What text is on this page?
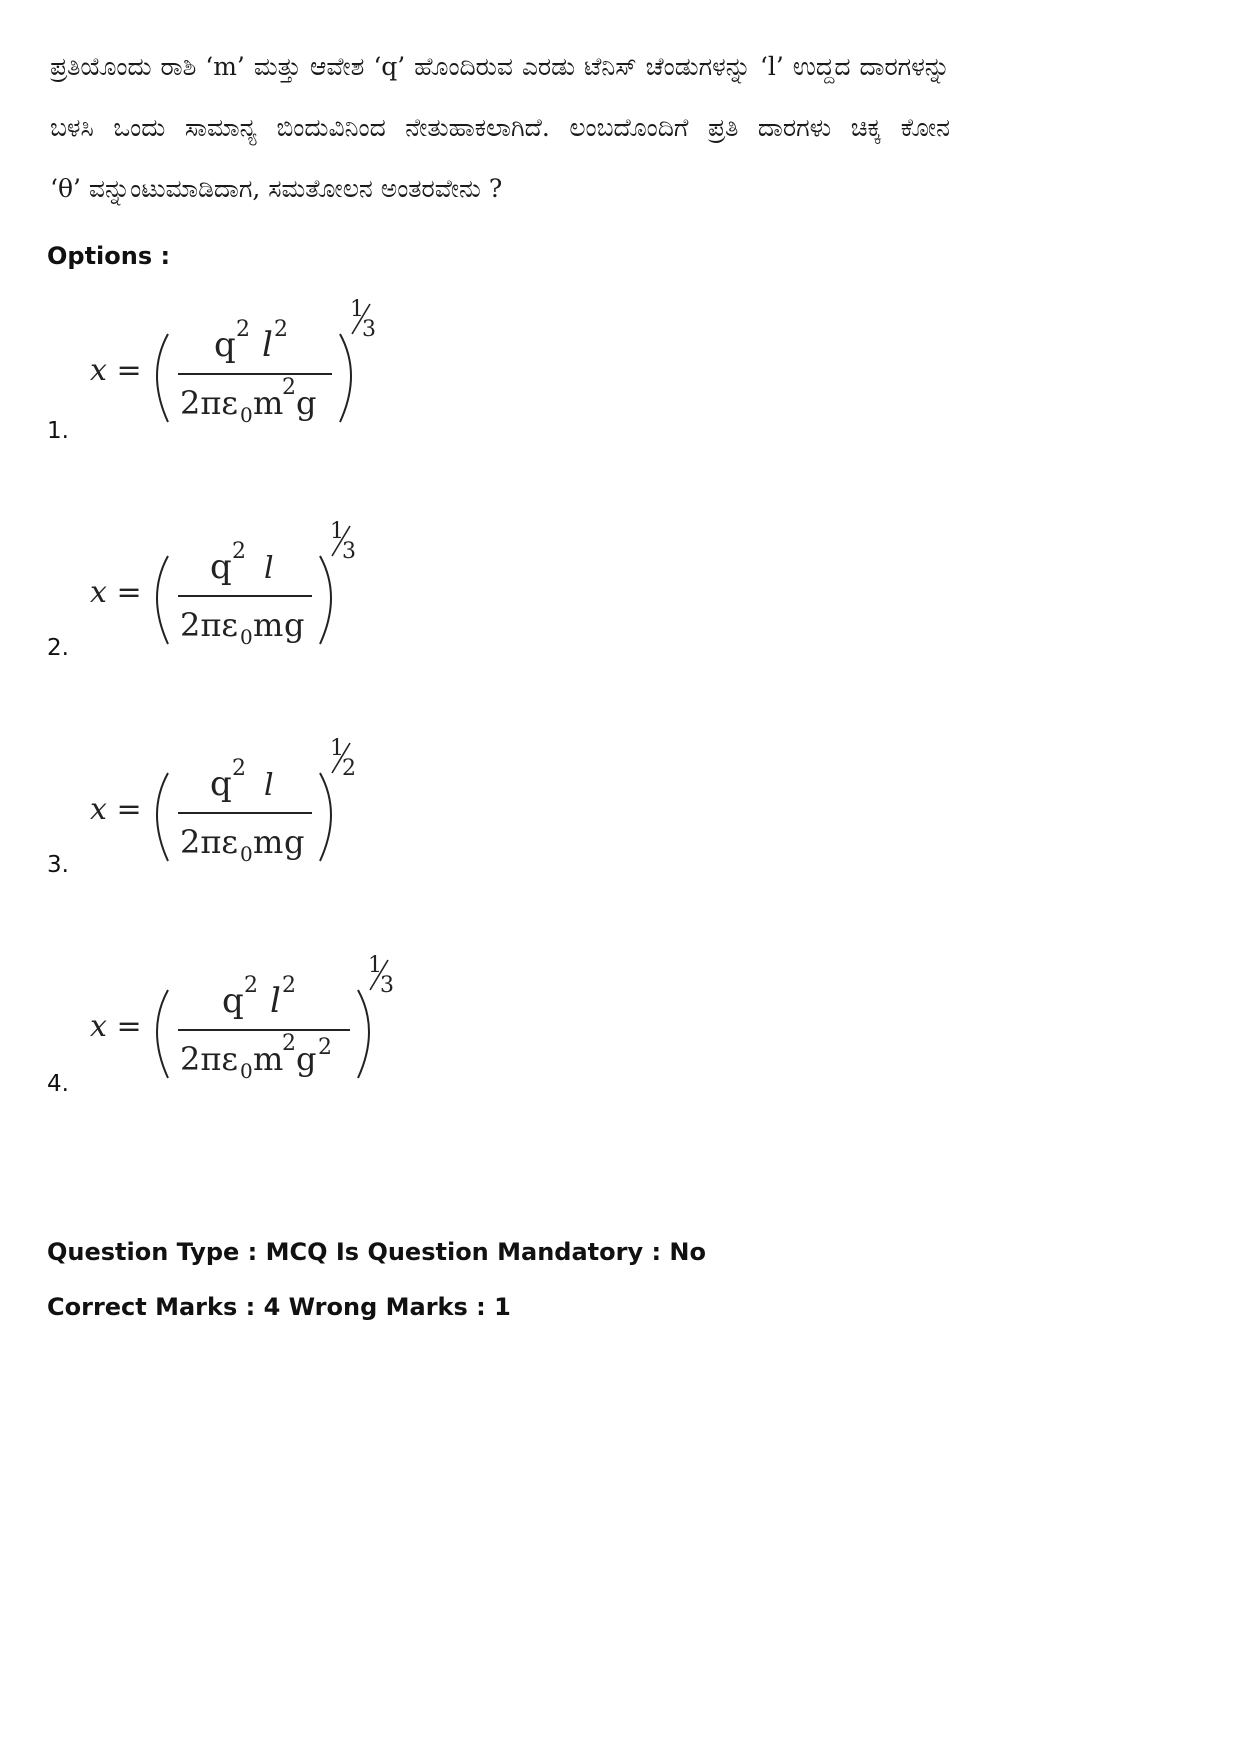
ಪ್ರತಿಯೊಂದು ರಾಶಿ ‘m’ ಮತ್ತು ಆವೇಶ ‘q’ ಹೊಂದಿರುವ ಎರಡು ಟೆನಿಸ್ ಚೆಂಡುಗಳನ್ನು ‘l’ ಉದ್ದದ ದಾರಗಳನ್ನು
ಬಳಸಿ ಒಂದು ಸಾಮಾನ್ಯ ಬಿಂದುವಿನಿಂದ ನೇತುಹಾಕಲಾಗಿದೆ. ಲಂಬದೊಂದಿಗೆ ಪ್ರತಿ ದಾರಗಳು ಚಿಕ್ಕ ಕೋನ
‘θ’ ವನ್ನುಂಟುಮಾಡಿದಾಗ, ಸಮತೋಲನ ಅಂತರವೇನು ?
Options :
1.
x =
q 2 l 2
2πε 0 m
2 g
1
3
2.
x =
q 2 l
2πε 0 m g
1
3
3.
x =
q 2 l
2πε 0 m g
1
2
4.
x =
q 2 l 2
2πε 0 m
2 g 2
1
3
Question Type : MCQ Is Question Mandatory : No
Correct Marks : 4 Wrong Marks : 1
